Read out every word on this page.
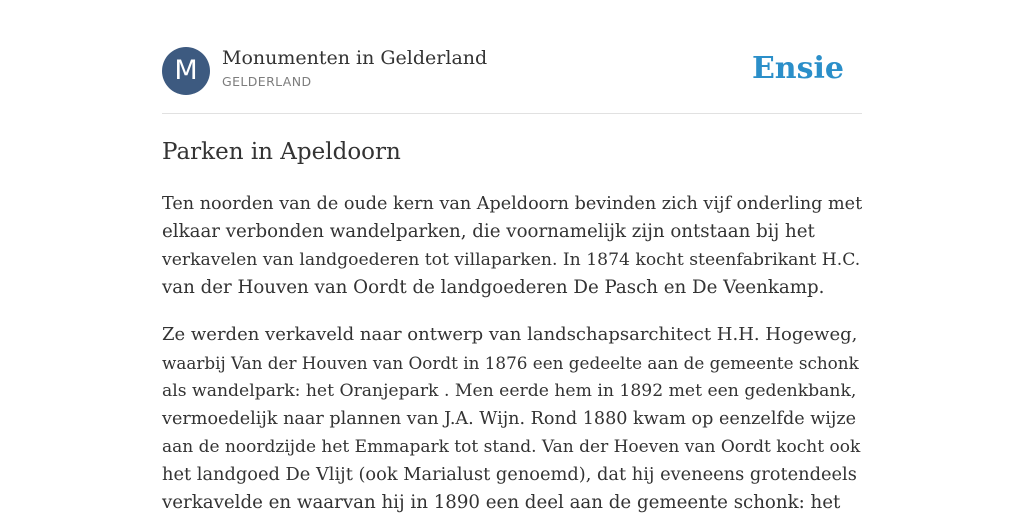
M	Monumenten in Gelderland
GELDERLAND	Ensie
Parken in Apeldoorn

Ten noorden van de oude kern van Apeldoorn bevinden zich vijf onderling met
elkaar verbonden wandelparken, die voornamelijk zijn ontstaan bij het
verkavelen van landgoederen tot villaparken. In 1874 kocht steenfabrikant H.C.
van der Houven van Oordt de landgoederen De Pasch en De Veenkamp.

Ze werden verkaveld naar ontwerp van landschapsarchitect H.H. Hogeweg,
waarbij Van der Houven van Oordt in 1876 een gedeelte aan de gemeente schonk
als wandelpark: het Oranjepark . Men eerde hem in 1892 met een gedenkbank,
vermoedelijk naar plannen van J.A. Wijn. Rond 1880 kwam op eenzelfde wijze
aan de noordzijde het Emmapark tot stand. Van der Hoeven van Oordt kocht ook
het landgoed De Vlijt (ook Marialust genoemd), dat hij eveneens grotendeels
verkavelde en waarvan hij in 1890 een deel aan de gemeente schonk: het
